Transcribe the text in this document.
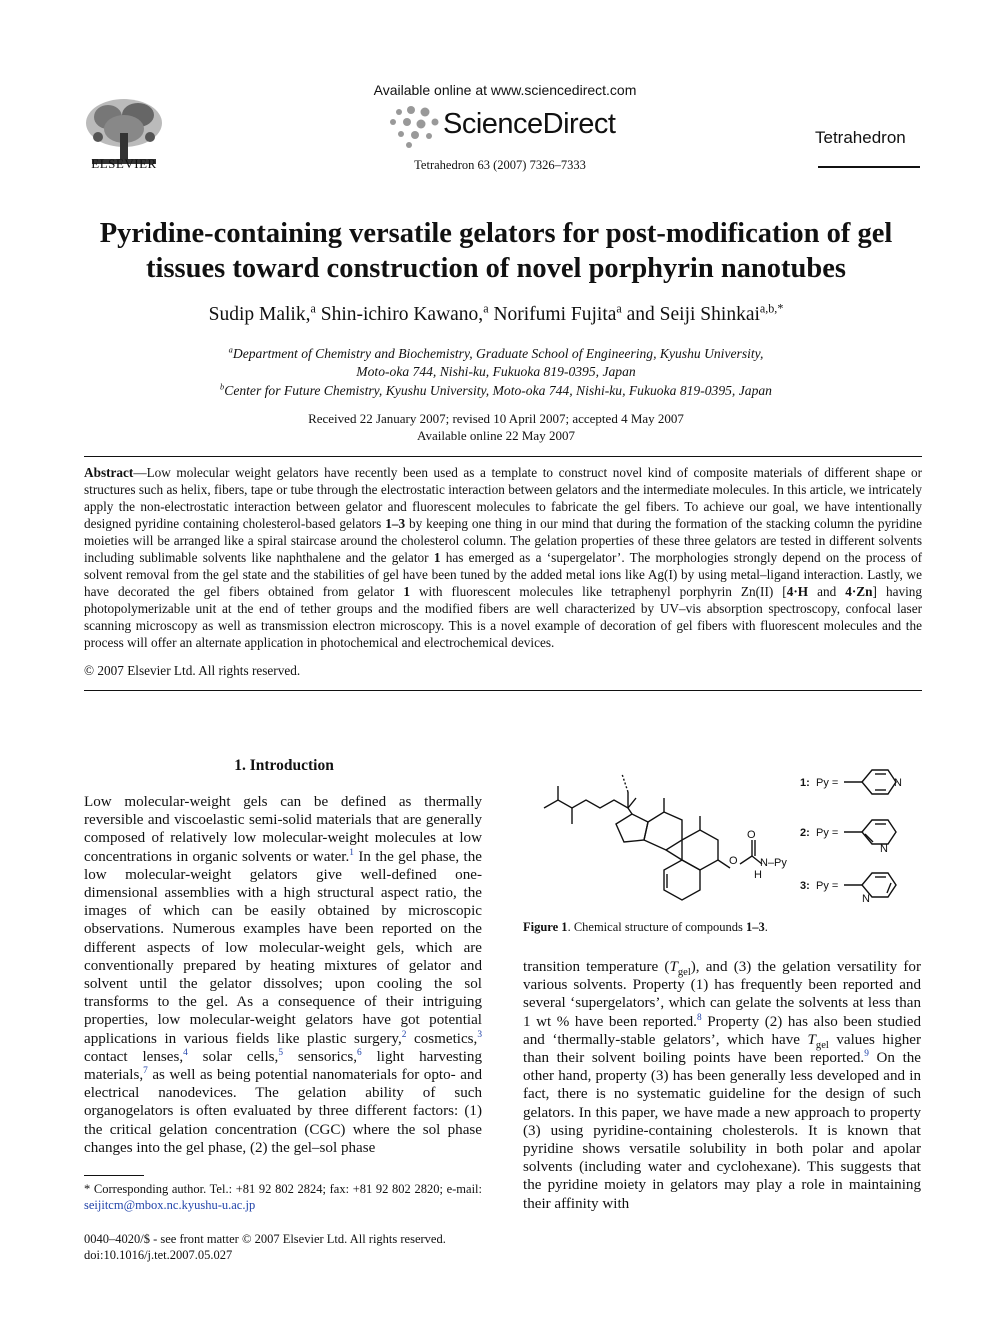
ELSEVIER
Available online at www.sciencedirect.com
ScienceDirect
Tetrahedron 63 (2007) 7326–7333
Tetrahedron
Pyridine-containing versatile gelators for post-modification of gel
tissues toward construction of novel porphyrin nanotubes
Sudip Malik,$^a$ Shin-ichiro Kawano,$^a$ Norifumi Fujita$^a$ and Seiji Shinkai$^{a,b,*}$
$^a$Department of Chemistry and Biochemistry, Graduate School of Engineering, Kyushu University,
Moto-oka 744, Nishi-ku, Fukuoka 819-0395, Japan
$^b$Center for Future Chemistry, Kyushu University, Moto-oka 744, Nishi-ku, Fukuoka 819-0395, Japan
Received 22 January 2007; revised 10 April 2007; accepted 4 May 2007
Available online 22 May 2007
Abstract—Low molecular weight gelators have recently been used as a template to construct novel kind of composite materials of different shape or structures such as helix, fibers, tape or tube through the electrostatic interaction between gelators and the intermediate molecules. In this article, we intricately apply the non-electrostatic interaction between gelator and fluorescent molecules to fabricate the gel fibers. To achieve our goal, we have intentionally designed pyridine containing cholesterol-based gelators 1–3 by keeping one thing in our mind that during the formation of the stacking column the pyridine moieties will be arranged like a spiral staircase around the cholesterol column. The gelation properties of these three gelators are tested in different solvents including sublimable solvents like naphthalene and the gelator 1 has emerged as a ‘supergelator’. The morphologies strongly depend on the process of solvent removal from the gel state and the stabilities of gel have been tuned by the added metal ions like Ag(I) by using metal–ligand interaction. Lastly, we have decorated the gel fibers obtained from gelator 1 with fluorescent molecules like tetraphenyl porphyrin Zn(II) [4·H and 4·Zn] having photopolymerizable unit at the end of tether groups and the modified fibers are well characterized by UV–vis absorption spectroscopy, confocal laser scanning microscopy as well as transmission electron microscopy. This is a novel example of decoration of gel fibers with fluorescent molecules and the process will offer an alternate application in photochemical and electrochemical devices.
© 2007 Elsevier Ltd. All rights reserved.
1. Introduction
Low molecular-weight gels can be defined as thermally reversible and viscoelastic semi-solid materials that are generally composed of relatively low molecular-weight molecules at low concentrations in organic solvents or water.$^1$ In the gel phase, the low molecular-weight gelators give well-defined one-dimensional assemblies with a high structural aspect ratio, the images of which can be easily obtained by microscopic observations. Numerous examples have been reported on the different aspects of low molecular-weight gels, which are conventionally prepared by heating mixtures of gelator and solvent until the gelator dissolves; upon cooling the sol transforms to the gel. As a consequence of their intriguing properties, low molecular-weight gelators have got potential applications in various fields like plastic surgery,$^2$ cosmetics,$^3$ contact lenses,$^4$ solar cells,$^5$ sensorics,$^6$ light harvesting materials,$^7$ as well as being potential nanomaterials for opto- and electrical nanodevices. The gelation ability of such organogelators is often evaluated by three different factors: (1) the critical gelation concentration (CGC) where the sol phase changes into the gel phase, (2) the gel–sol phase
* Corresponding author. Tel.: +81 92 802 2824; fax: +81 92 802 2820; e-mail: seijitcm@mbox.nc.kyushu-u.ac.jp
0040–4020/$ - see front matter © 2007 Elsevier Ltd. All rights reserved.
doi:10.1016/j.tet.2007.05.027
O
O
N–Py
H
1: Py =	N
2: Py =
N
3: Py =
N
Figure 1. Chemical structure of compounds 1–3.
transition temperature $(T_{gel})$, and (3) the gelation versatility for various solvents. Property (1) has frequently been reported and several ‘supergelators’, which can gelate the solvents at less than 1 wt % have been reported.$^8$ Property (2) has also been studied and ‘thermally-stable gelators’, which have $T_{gel}$ values higher than their solvent boiling points have been reported.$^9$ On the other hand, property (3) has been generally less developed and in fact, there is no systematic guideline for the design of such gelators. In this paper, we have made a new approach to property (3) using pyridine-containing cholesterols. It is known that pyridine shows versatile solubility in both polar and apolar solvents (including water and cyclohexane). This suggests that the pyridine moiety in gelators may play a role in maintaining their affinity with
